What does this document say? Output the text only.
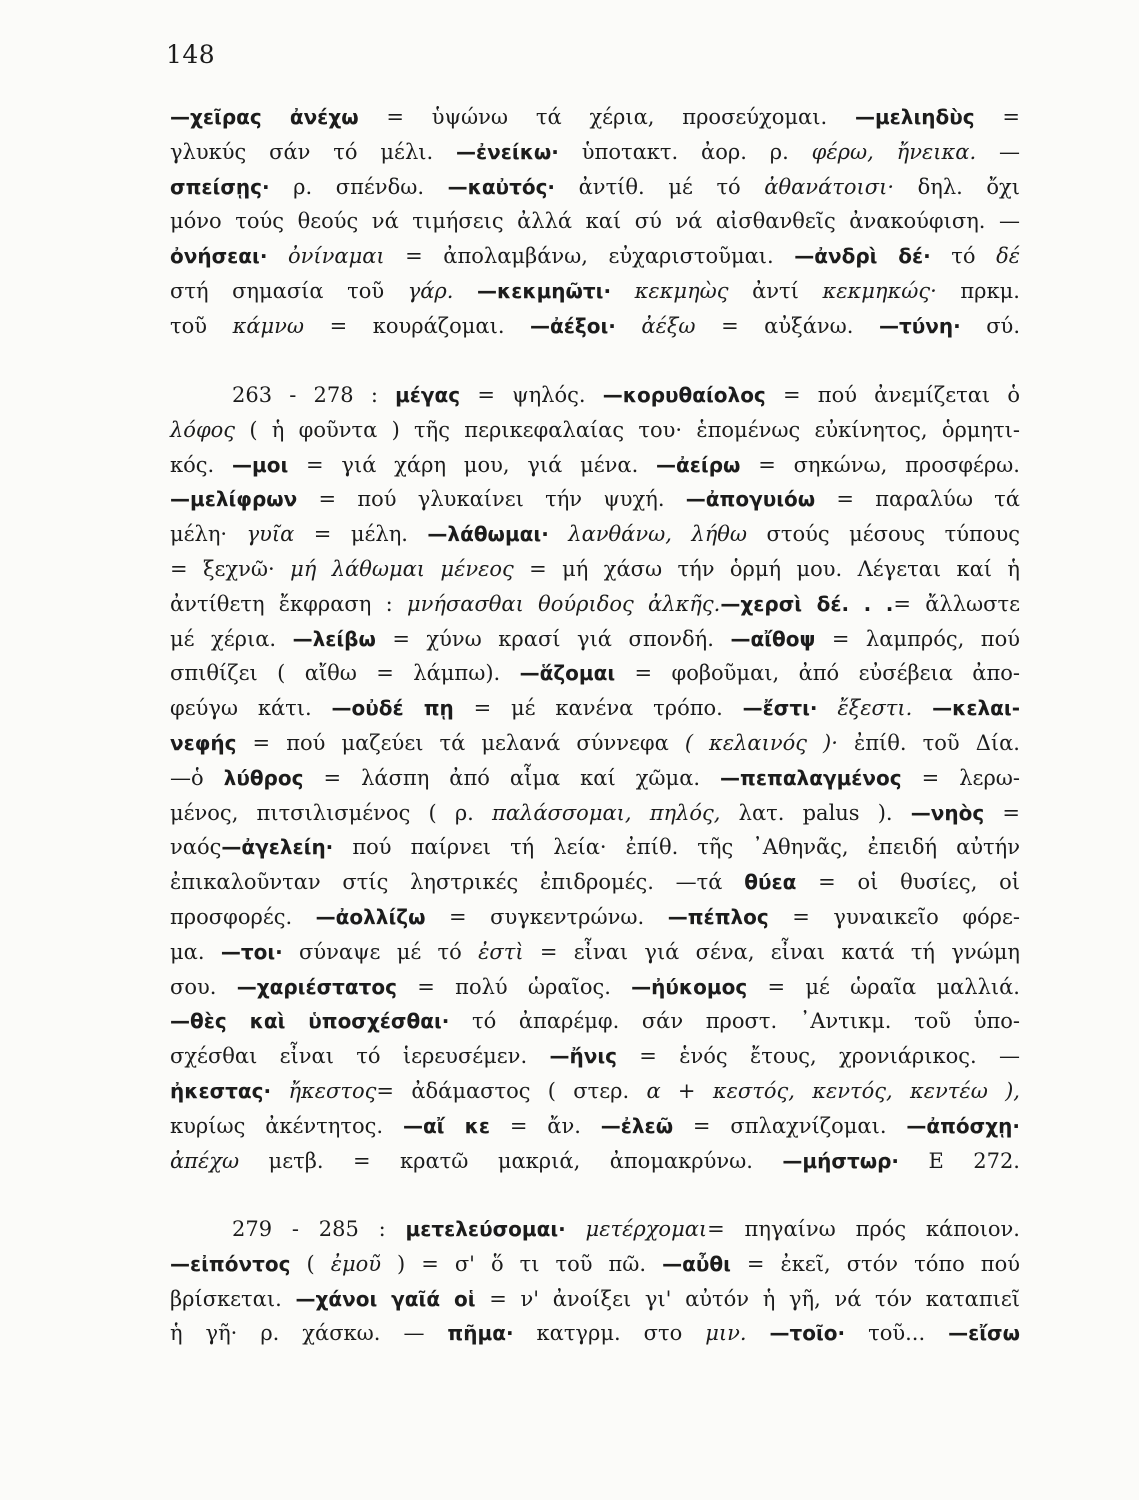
148
—χεῖρας ἀνέχω = ὑψώνω τά χέρια, προσεύχομαι. —μελιηδὺς =
γλυκύς σάν τό μέλι. —ἐνείκω· ὑποτακτ. ἀορ. ρ. φέρω, ἤνεικα. —
σπείσῃς· ρ. σπένδω. —καὐτός· ἀντίθ. μέ τό ἀθανάτοισι· δηλ. ὄχι
μόνο τούς θεούς νά τιμήσεις ἀλλά καί σύ νά αἰσθανθεῖς ἀνακούφιση. —
ὀνήσεαι· ὀνίναμαι = ἀπολαμβάνω, εὐχαριστοῦμαι. —ἀνδρὶ δέ· τό δέ
στή σημασία τοῦ γάρ. —κεκμηῶτι· κεκμηὼς ἀντί κεκμηκώς· πρκμ.
τοῦ κάμνω = κουράζομαι. —ἀέξοι· ἀέξω = αὐξάνω. —τύνη· σύ.
263 - 278 : μέγας = ψηλός. —κορυθαίολος = πού ἀνεμίζεται ὁ
λόφος ( ἡ φοῦντα ) τῆς περικεφαλαίας του· ἑπομένως εὐκίνητος, ὁρμητι-
κός. —μοι = γιά χάρη μου, γιά μένα. —ἀείρω = σηκώνω, προσφέρω.
—μελίφρων = πού γλυκαίνει τήν ψυχή. —ἀπογυιόω = παραλύω τά
μέλη· γυῖα = μέλη. —λάθωμαι· λανθάνω, λήθω στούς μέσους τύπους
= ξεχνῶ· μή λάθωμαι μένεος = μή χάσω τήν ὁρμή μου. Λέγεται καί ἡ
ἀντίθετη ἔκφραση : μνήσασθαι θούριδος ἀλκῆς.—χερσὶ δέ. . .= ἄλλωστε
μέ χέρια. —λείβω = χύνω κρασί γιά σπονδή. —αἴθοψ = λαμπρός, πού
σπιθίζει ( αἴθω = λάμπω). —ἅζομαι = φοβοῦμαι, ἀπό εὐσέβεια ἀπο-
φεύγω κάτι. —οὐδέ πῃ = μέ κανένα τρόπο. —ἔστι· ἔξεστι. —κελαι-
νεφής = πού μαζεύει τά μελανά σύννεφα ( κελαινός )· ἐπίθ. τοῦ Δία.
—ὁ λύθρος = λάσπη ἀπό αἷμα καί χῶμα. —πεπαλαγμένος = λερω-
μένος, πιτσιλισμένος ( ρ. παλάσσομαι, πηλός, λατ. palus ). —νηὸς =
ναός—ἀγελείη· πού παίρνει τή λεία· ἐπίθ. τῆς ᾿Αθηνᾶς, ἐπειδή αὐτήν
ἐπικαλοῦνταν στίς ληστρικές ἐπιδρομές. —τά θύεα = οἱ θυσίες, οἱ
προσφορές. —ἀολλίζω = συγκεντρώνω. —πέπλος = γυναικεῖο φόρε-
μα. —τοι· σύναψε μέ τό ἐστὶ = εἶναι γιά σένα, εἶναι κατά τή γνώμη
σου. —χαριέστατος = πολύ ὡραῖος. —ἠύκομος = μέ ὡραῖα μαλλιά.
—θὲς καὶ ὑποσχέσθαι· τό ἀπαρέμφ. σάν προστ. ᾿Αντικμ. τοῦ ὑπο-
σχέσθαι εἶναι τό ἱερευσέμεν. —ἤνις = ἑνός ἔτους, χρονιάρικος. —
ἠκεστας· ἤκεστος= ἀδάμαστος ( στερ. α + κεστός, κεντός, κεντέω ),
κυρίως ἀκέντητος. —αἴ κε = ἄν. —ἐλεῶ = σπλαχνίζομαι. —ἀπόσχῃ·
ἀπέχω μετβ. = κρατῶ μακριά, ἀπομακρύνω. —μήστωρ· Ε 272.
279 - 285 : μετελεύσομαι· μετέρχομαι= πηγαίνω πρός κάποιον.
—εἰπόντος ( ἐμοῦ ) = σ' ὅ τι τοῦ πῶ. —αὖθι = ἐκεῖ, στόν τόπο πού
βρίσκεται. —χάνοι γαῖά οἱ = ν' ἀνοίξει γι' αὐτόν ἡ γῆ, νά τόν καταπιεῖ
ἡ γῆ· ρ. χάσκω. — πῆμα· κατγρμ. στο μιν. —τοῖο· τοῦ... —εἴσω
